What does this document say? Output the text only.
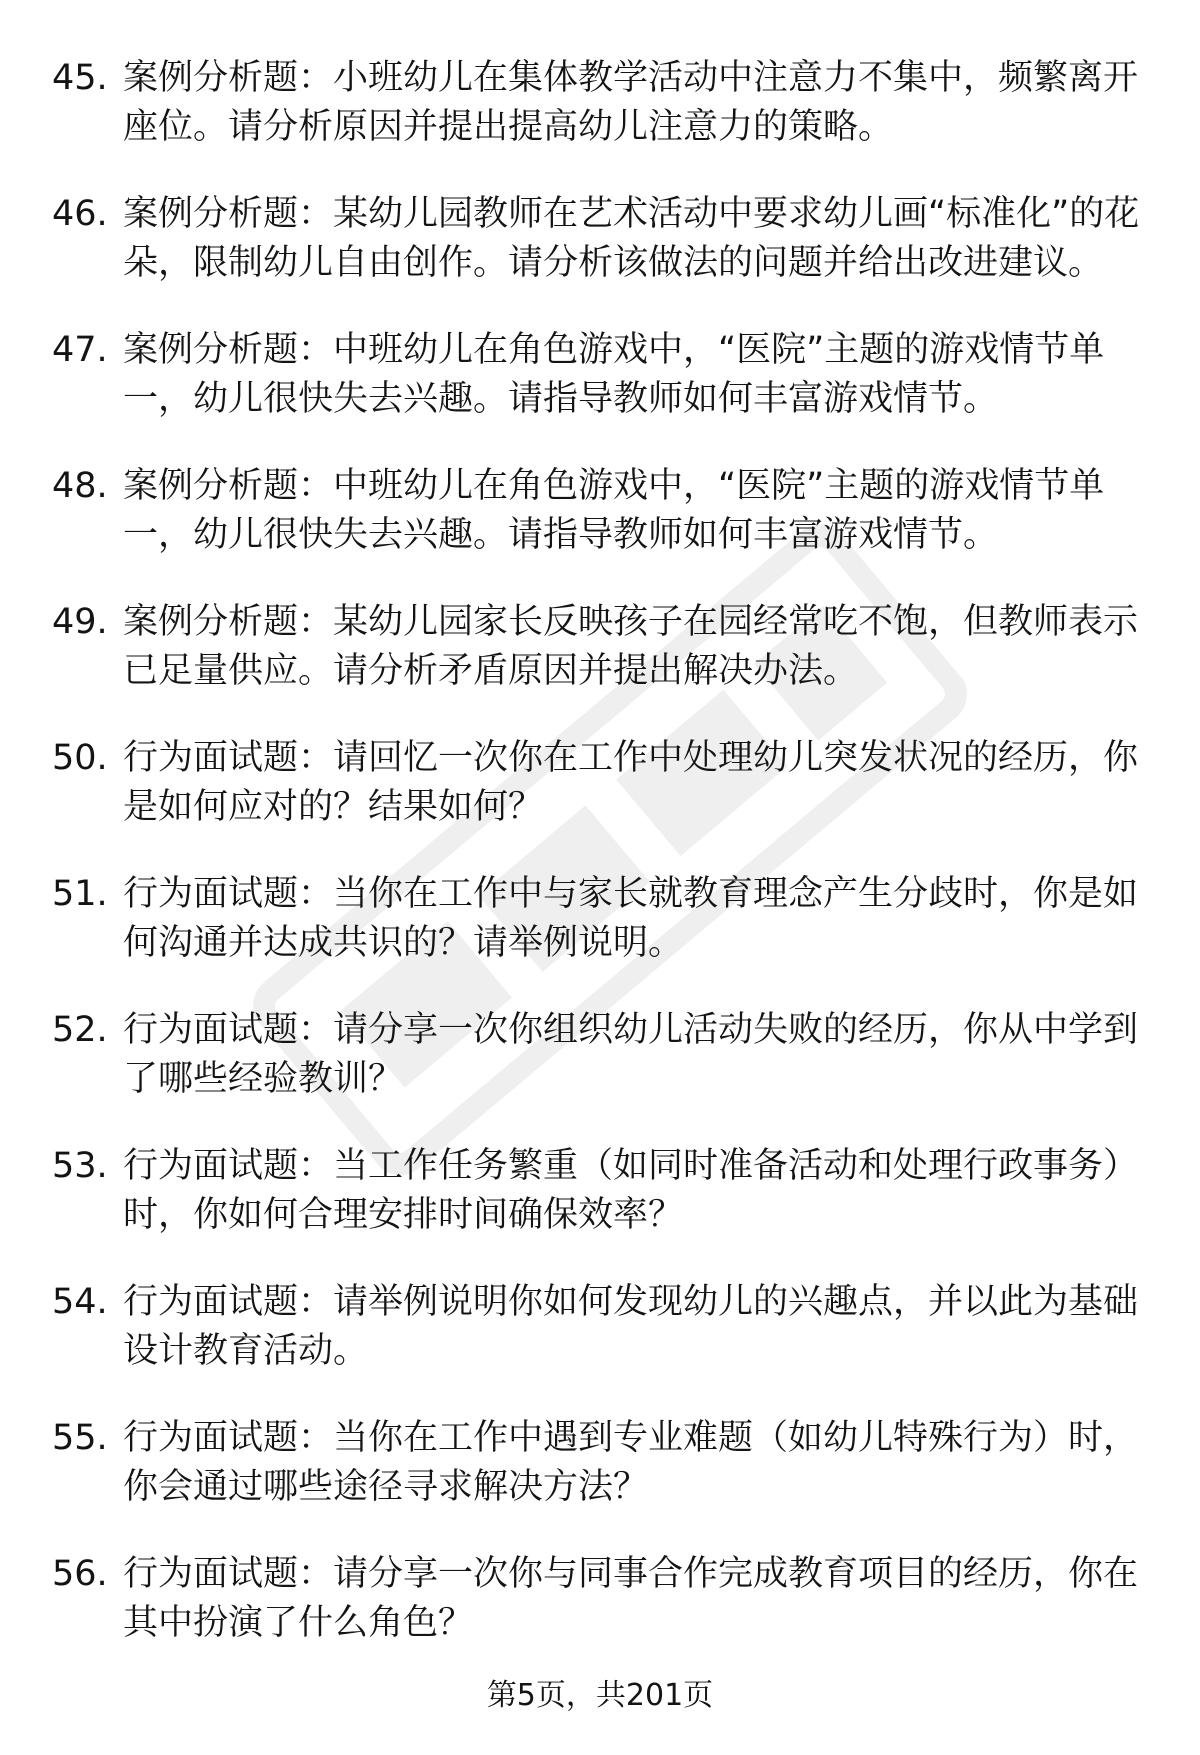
45. 案例分析题：小班幼儿在集体教学活动中注意力不集中，频繁离开座位。请分析原因并提出提高幼儿注意力的策略。
46. 案例分析题：某幼儿园教师在艺术活动中要求幼儿画“标准化”的花朵，限制幼儿自由创作。请分析该做法的问题并给出改进建议。
47. 案例分析题：中班幼儿在角色游戏中，“医院”主题的游戏情节单一，幼儿很快失去兴趣。请指导教师如何丰富游戏情节。
48. 案例分析题：中班幼儿在角色游戏中，“医院”主题的游戏情节单一，幼儿很快失去兴趣。请指导教师如何丰富游戏情节。
49. 案例分析题：某幼儿园家长反映孩子在园经常吃不饱，但教师表示已足量供应。请分析矛盾原因并提出解决办法。
50. 行为面试题：请回忆一次你在工作中处理幼儿突发状况的经历，你是如何应对的？结果如何？
51. 行为面试题：当你在工作中与家长就教育理念产生分歧时，你是如何沟通并达成共识的？请举例说明。
52. 行为面试题：请分享一次你组织幼儿活动失败的经历，你从中学到了哪些经验教训？
53. 行为面试题：当工作任务繁重（如同时准备活动和处理行政事务）时，你如何合理安排时间确保效率？
54. 行为面试题：请举例说明你如何发现幼儿的兴趣点，并以此为基础设计教育活动。
55. 行为面试题：当你在工作中遇到专业难题（如幼儿特殊行为）时，你会通过哪些途径寻求解决方法？
56. 行为面试题：请分享一次你与同事合作完成教育项目的经历，你在其中扮演了什么角色？
第5页，共201页
